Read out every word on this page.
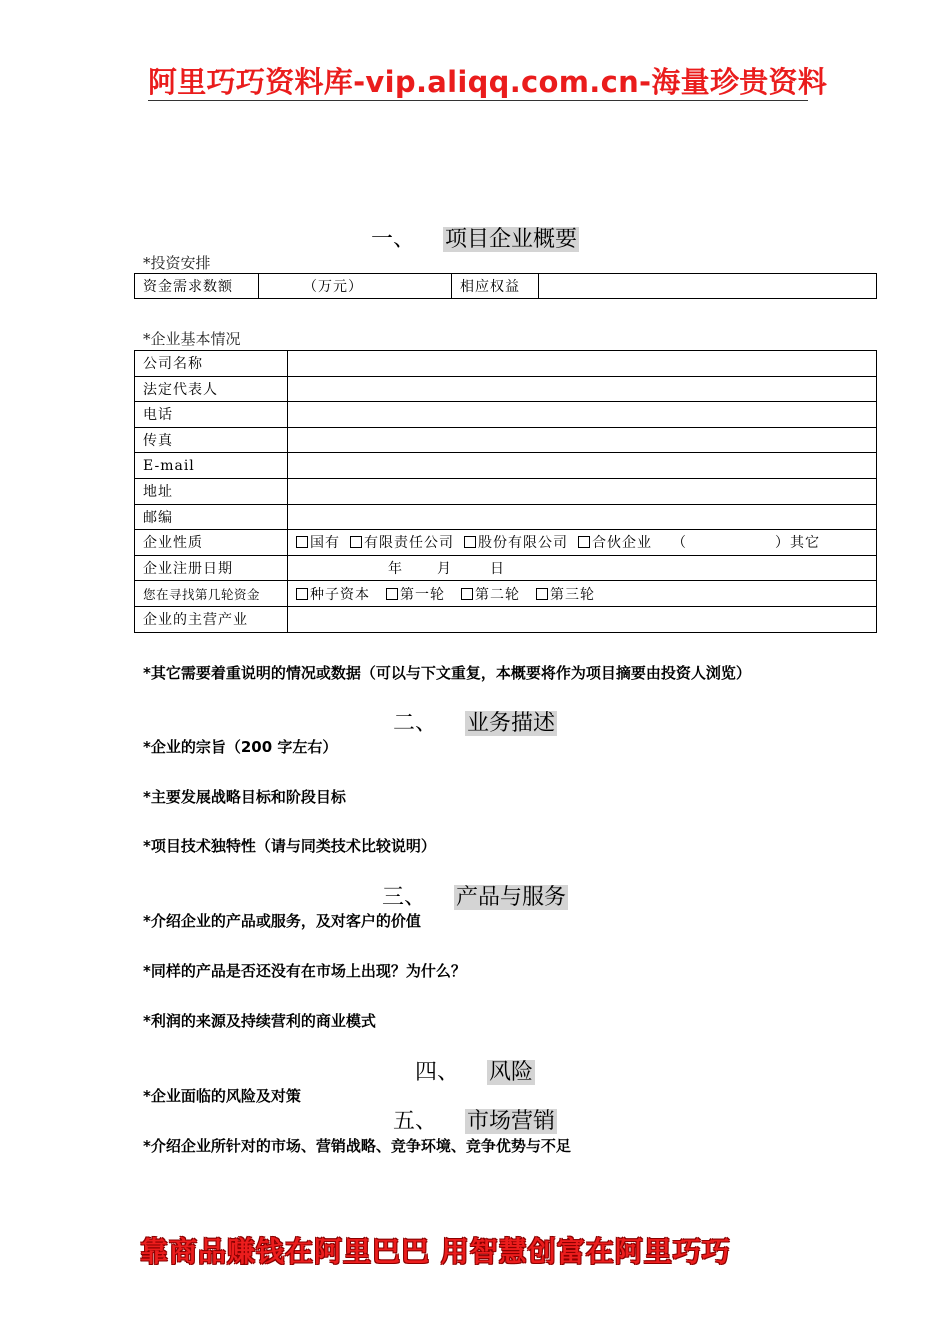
阿里巧巧资料库-vip.aliqq.com.cn-海量珍贵资料
一、 项目企业概要
*投资安排
资金需求数额	（万元）	相应权益	
*企业基本情况
公司名称	
法定代表人	
电话	
传真	
E-mail	
地址	
邮编	
企业性质	国有 有限责任公司 股份有限公司 合伙企业 （ ）其它
企业注册日期	年 月 日
您在寻找第几轮资金	种子资本 第一轮 第二轮 第三轮
企业的主营产业	
*其它需要着重说明的情况或数据（可以与下文重复，本概要将作为项目摘要由投资人浏览）
二、 业务描述
*企业的宗旨（200 字左右）
*主要发展战略目标和阶段目标
*项目技术独特性（请与同类技术比较说明）
三、 产品与服务
*介绍企业的产品或服务，及对客户的价值
*同样的产品是否还没有在市场上出现？为什么？
*利润的来源及持续营利的商业模式
四、 风险
*企业面临的风险及对策
五、 市场营销
*介绍企业所针对的市场、营销战略、竞争环境、竞争优势与不足
靠商品赚钱在阿里巴巴 用智慧创富在阿里巧巧
